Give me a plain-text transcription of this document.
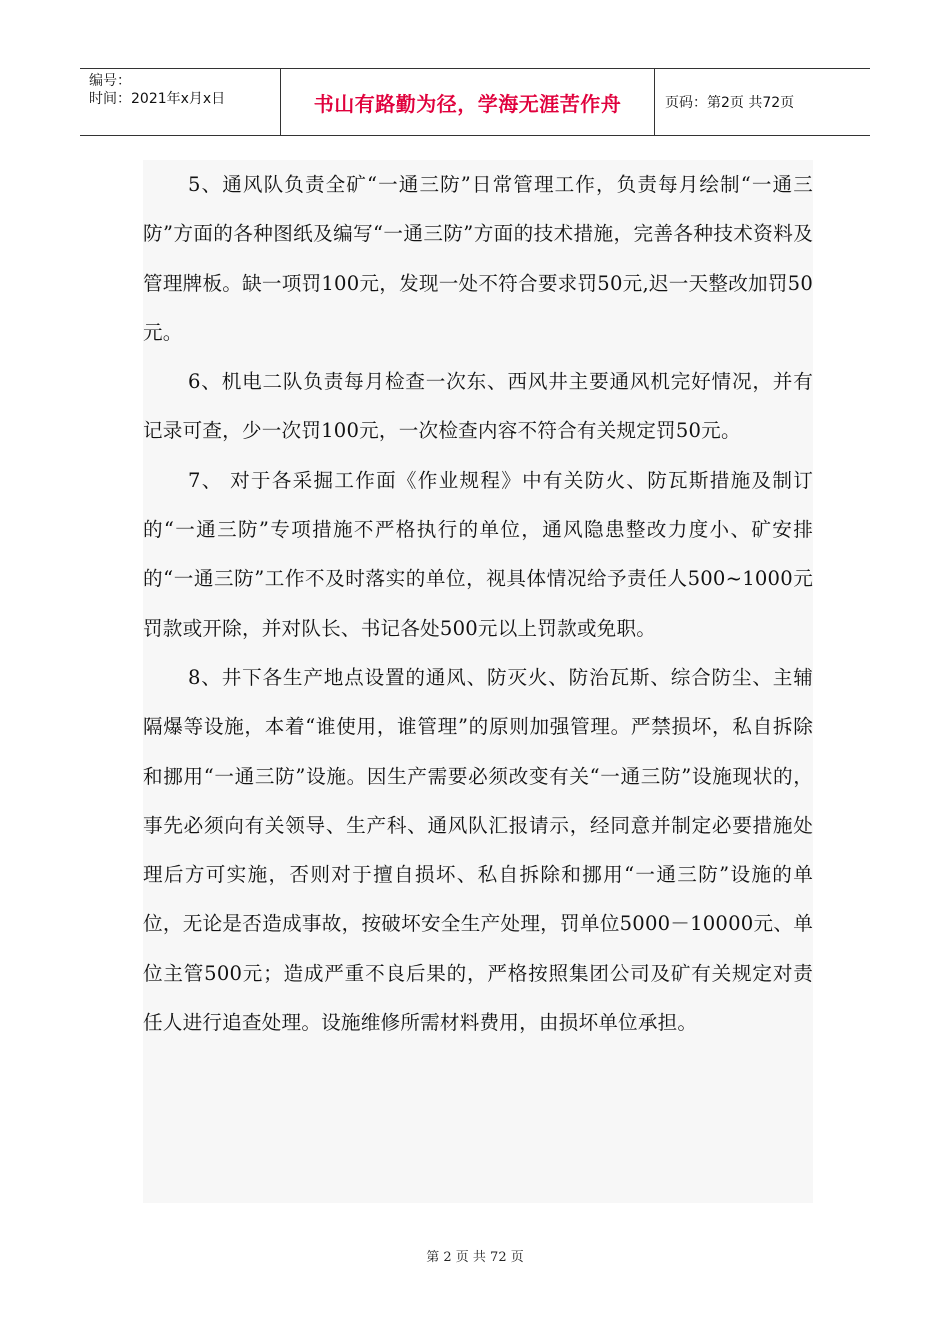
编号：
时间：2021年x月x日	书山有路勤为径，学海无涯苦作舟	页码：第2页 共72页

5、通风队负责全矿“一通三防”日常管理工作，负责每月绘制“一通三防”方面的各种图纸及编写“一通三防”方面的技术措施，完善各种技术资料及管理牌板。缺一项罚100元，发现一处不符合要求罚50元,迟一天整改加罚50元。

6、机电二队负责每月检查一次东、西风井主要通风机完好情况，并有记录可查，少一次罚100元，一次检查内容不符合有关规定罚50元。

7、 对于各采掘工作面《作业规程》中有关防火、防瓦斯措施及制订的“一通三防”专项措施不严格执行的单位，通风隐患整改力度小、矿安排的“一通三防”工作不及时落实的单位，视具体情况给予责任人500~1000元罚款或开除，并对队长、书记各处500元以上罚款或免职。

8、井下各生产地点设置的通风、防灭火、防治瓦斯、综合防尘、主辅隔爆等设施，本着“谁使用，谁管理”的原则加强管理。严禁损坏，私自拆除和挪用“一通三防”设施。因生产需要必须改变有关“一通三防”设施现状的，事先必须向有关领导、生产科、通风队汇报请示，经同意并制定必要措施处理后方可实施，否则对于擅自损坏、私自拆除和挪用“一通三防”设施的单位，无论是否造成事故，按破坏安全生产处理，罚单位5000－10000元、单位主管500元；造成严重不良后果的，严格按照集团公司及矿有关规定对责任人进行追查处理。设施维修所需材料费用，由损坏单位承担。

第 2 页 共 72 页
